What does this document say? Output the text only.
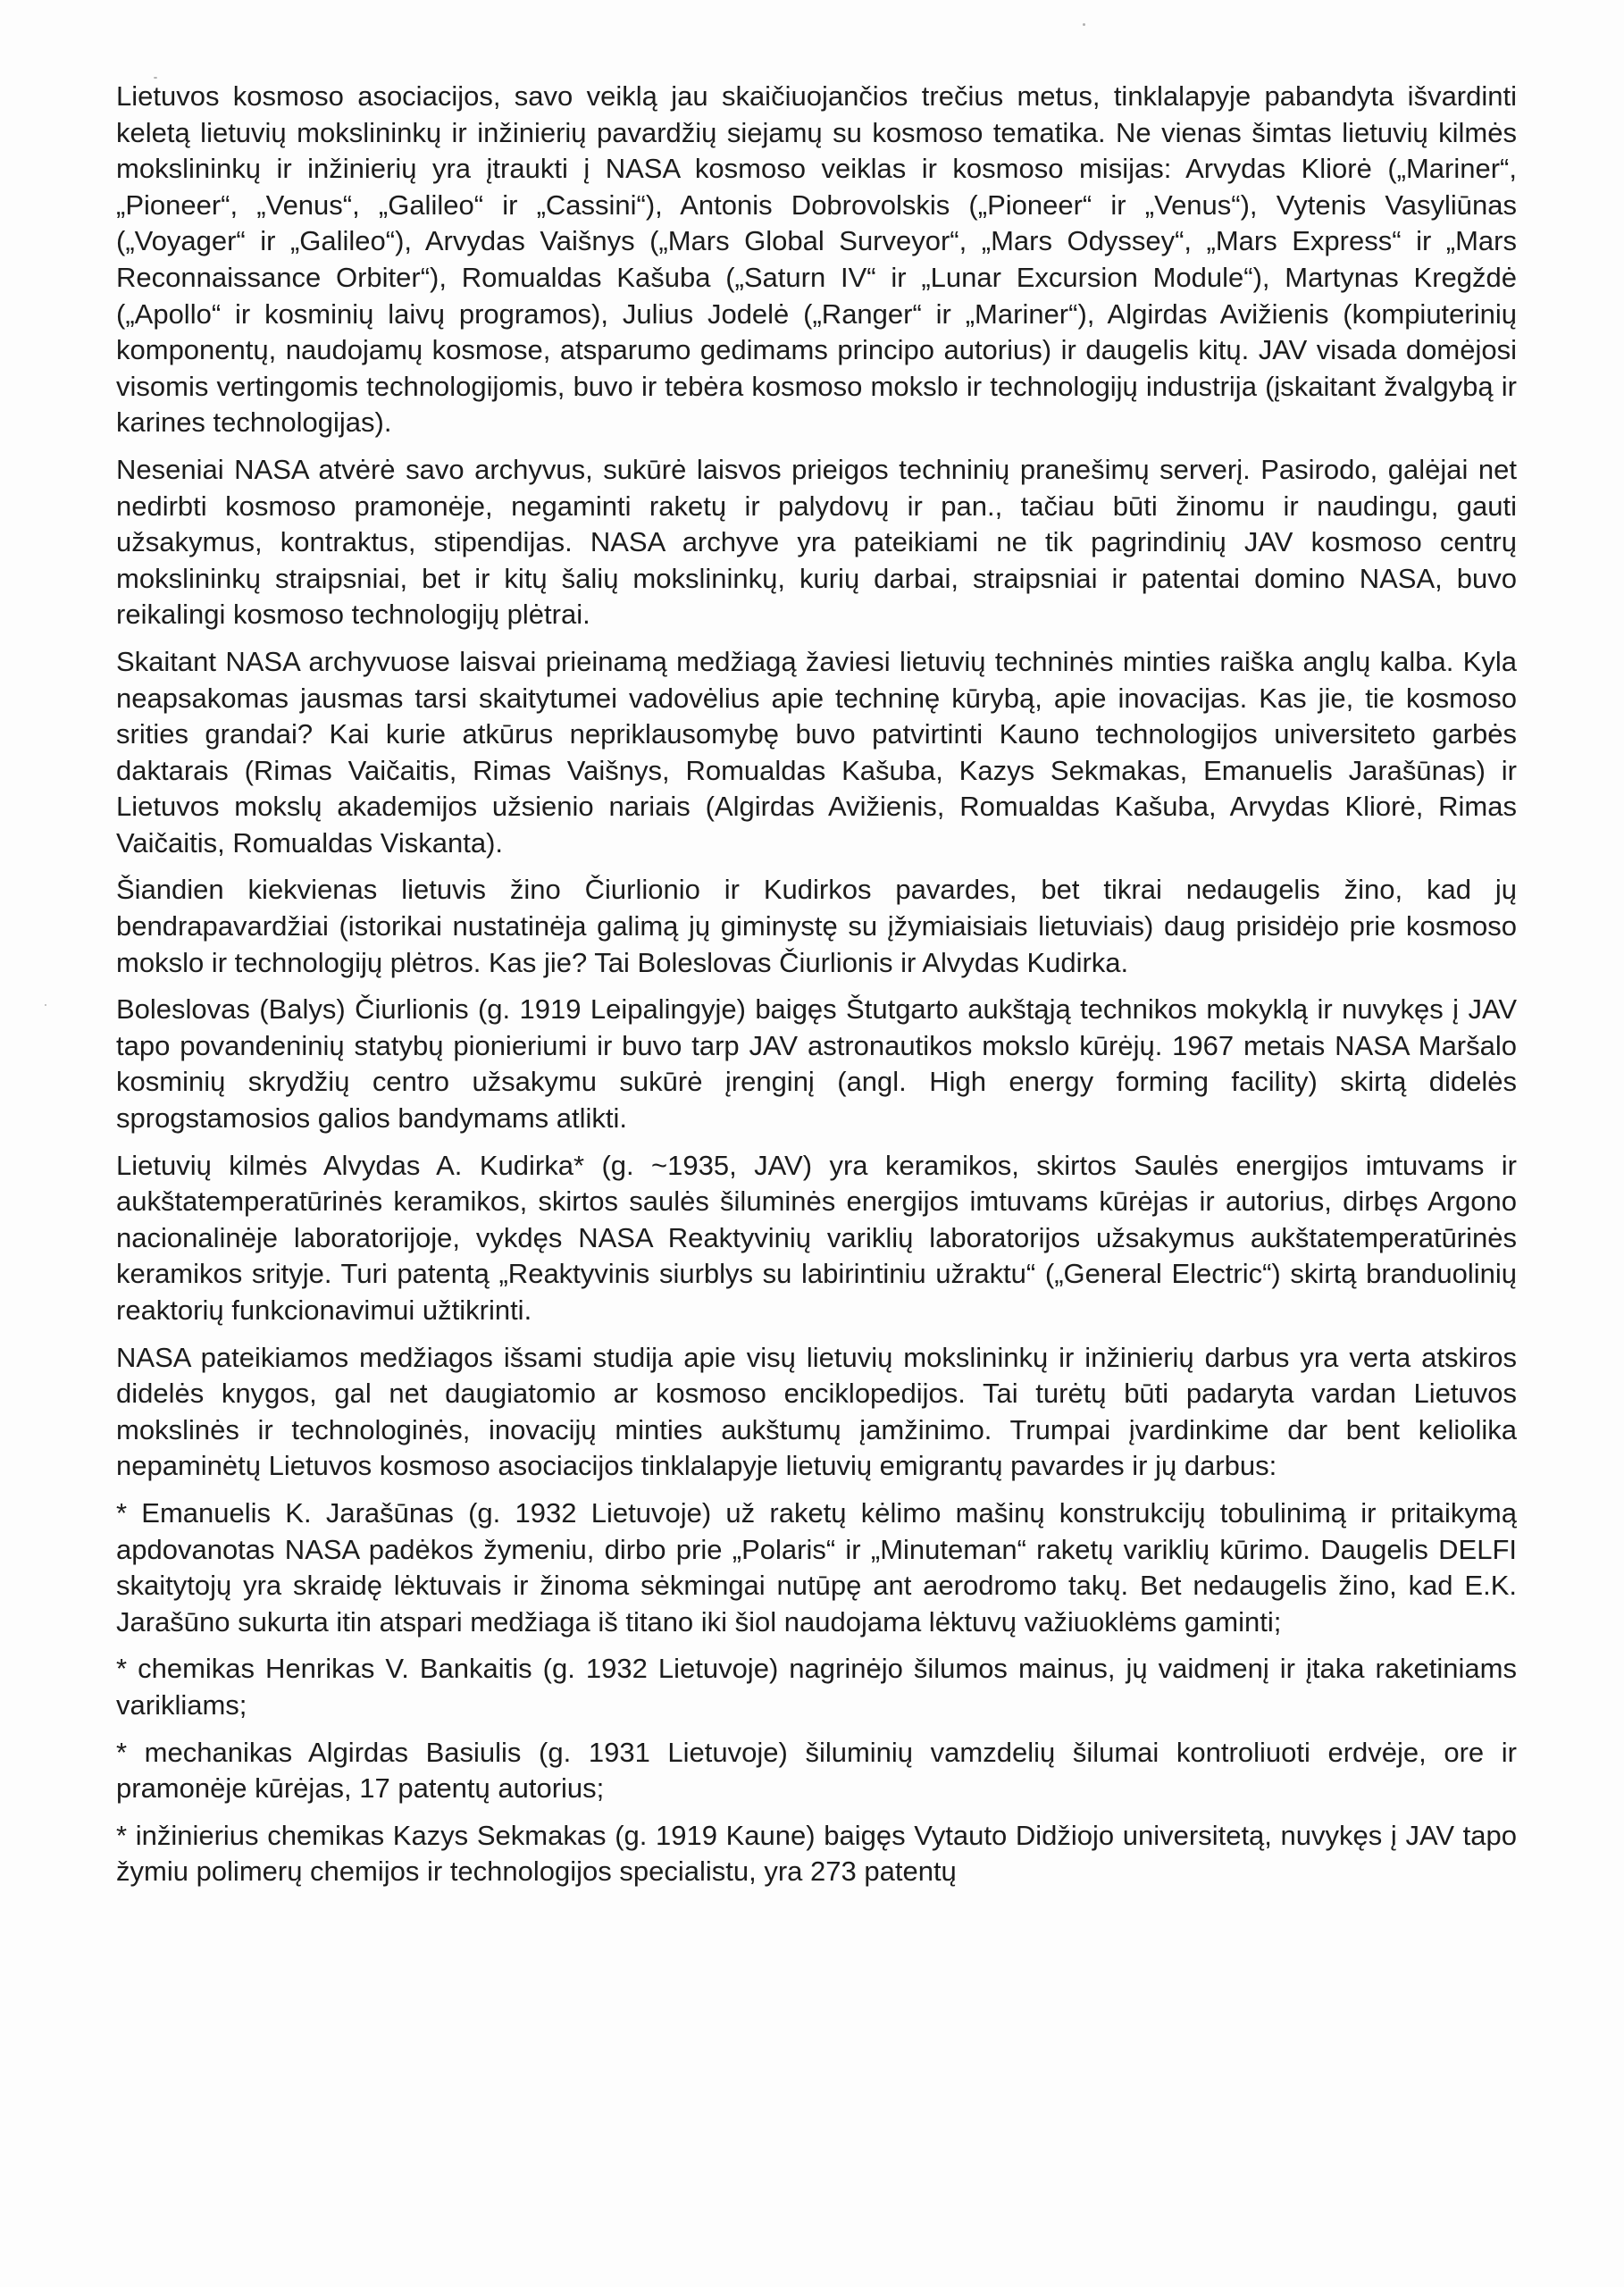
Lietuvos kosmoso asociacijos, savo veiklą jau skaičiuojančios trečius metus, tinklalapyje pabandyta išvardinti keletą lietuvių mokslininkų ir inžinierių pavardžių siejamų su kosmoso tematika. Ne vienas šimtas lietuvių kilmės mokslininkų ir inžinierių yra įtraukti į NASA kosmoso veiklas ir kosmoso misijas: Arvydas Kliorė („Mariner“, „Pioneer“, „Venus“, „Galileo“ ir „Cassini“), Antonis Dobrovolskis („Pioneer“ ir „Venus“), Vytenis Vasyliūnas („Voyager“ ir „Galileo“), Arvydas Vaišnys („Mars Global Surveyor“, „Mars Odyssey“, „Mars Express“ ir „Mars Reconnaissance Orbiter“), Romualdas Kašuba („Saturn IV“ ir „Lunar Excursion Module“), Martynas Kregždė („Apollo“ ir kosminių laivų programos), Julius Jodelė („Ranger“ ir „Mariner“), Algirdas Avižienis (kompiuterinių komponentų, naudojamų kosmose, atsparumo gedimams principo autorius) ir daugelis kitų. JAV visada domėjosi visomis vertingomis technologijomis, buvo ir tebėra kosmoso mokslo ir technologijų industrija (įskaitant žvalgybą ir karines technologijas).

Neseniai NASA atvėrė savo archyvus, sukūrė laisvos prieigos techninių pranešimų serverį. Pasirodo, galėjai net nedirbti kosmoso pramonėje, negaminti raketų ir palydovų ir pan., tačiau būti žinomu ir naudingu, gauti užsakymus, kontraktus, stipendijas. NASA archyve yra pateikiami ne tik pagrindinių JAV kosmoso centrų mokslininkų straipsniai, bet ir kitų šalių mokslininkų, kurių darbai, straipsniai ir patentai domino NASA, buvo reikalingi kosmoso technologijų plėtrai.

Skaitant NASA archyvuose laisvai prieinamą medžiagą žaviesi lietuvių techninės minties raiška anglų kalba. Kyla neapsakomas jausmas tarsi skaitytumei vadovėlius apie techninę kūrybą, apie inovacijas. Kas jie, tie kosmoso srities grandai? Kai kurie atkūrus nepriklausomybę buvo patvirtinti Kauno technologijos universiteto garbės daktarais (Rimas Vaičaitis, Rimas Vaišnys, Romualdas Kašuba, Kazys Sekmakas, Emanuelis Jarašūnas) ir Lietuvos mokslų akademijos užsienio nariais (Algirdas Avižienis, Romualdas Kašuba, Arvydas Kliorė, Rimas Vaičaitis, Romualdas Viskanta).

Šiandien kiekvienas lietuvis žino Čiurlionio ir Kudirkos pavardes, bet tikrai nedaugelis žino, kad jų bendrapavardžiai (istorikai nustatinėja galimą jų giminystę su įžymiaisiais lietuviais) daug prisidėjo prie kosmoso mokslo ir technologijų plėtros. Kas jie? Tai Boleslovas Čiurlionis ir Alvydas Kudirka.

Boleslovas (Balys) Čiurlionis (g. 1919 Leipalingyje) baigęs Štutgarto aukštąją technikos mokyklą ir nuvykęs į JAV tapo povandeninių statybų pionieriumi ir buvo tarp JAV astronautikos mokslo kūrėjų. 1967 metais NASA Maršalo kosminių skrydžių centro užsakymu sukūrė įrenginį (angl. High energy forming facility) skirtą didelės sprogstamosios galios bandymams atlikti.

Lietuvių kilmės Alvydas A. Kudirka* (g. ~1935, JAV) yra keramikos, skirtos Saulės energijos imtuvams ir aukštatemperatūrinės keramikos, skirtos saulės šiluminės energijos imtuvams kūrėjas ir autorius, dirbęs Argono nacionalinėje laboratorijoje, vykdęs NASA Reaktyvinių variklių laboratorijos užsakymus aukštatemperatūrinės keramikos srityje. Turi patentą „Reaktyvinis siurblys su labirintiniu užraktu“ („General Electric“) skirtą branduolinių reaktorių funkcionavimui užtikrinti.

NASA pateikiamos medžiagos išsami studija apie visų lietuvių mokslininkų ir inžinierių darbus yra verta atskiros didelės knygos, gal net daugiatomio ar kosmoso enciklopedijos. Tai turėtų būti padaryta vardan Lietuvos mokslinės ir technologinės, inovacijų minties aukštumų įamžinimo. Trumpai įvardinkime dar bent keliolika nepaminėtų Lietuvos kosmoso asociacijos tinklalapyje lietuvių emigrantų pavardes ir jų darbus:

* Emanuelis K. Jarašūnas (g. 1932 Lietuvoje) už raketų kėlimo mašinų konstrukcijų tobulinimą ir pritaikymą apdovanotas NASA padėkos žymeniu, dirbo prie „Polaris“ ir „Minuteman“ raketų variklių kūrimo. Daugelis DELFI skaitytojų yra skraidę lėktuvais ir žinoma sėkmingai nutūpę ant aerodromo takų. Bet nedaugelis žino, kad E.K. Jarašūno sukurta itin atspari medžiaga iš titano iki šiol naudojama lėktuvų važiuoklėms gaminti;

* chemikas Henrikas V. Bankaitis (g. 1932 Lietuvoje) nagrinėjo šilumos mainus, jų vaidmenį ir įtaka raketiniams varikliams;

* mechanikas Algirdas Basiulis (g. 1931 Lietuvoje) šiluminių vamzdelių šilumai kontroliuoti erdvėje, ore ir pramonėje kūrėjas, 17 patentų autorius;

* inžinierius chemikas Kazys Sekmakas (g. 1919 Kaune) baigęs Vytauto Didžiojo universitetą, nuvykęs į JAV tapo žymiu polimerų chemijos ir technologijos specialistu, yra 273 patentų
